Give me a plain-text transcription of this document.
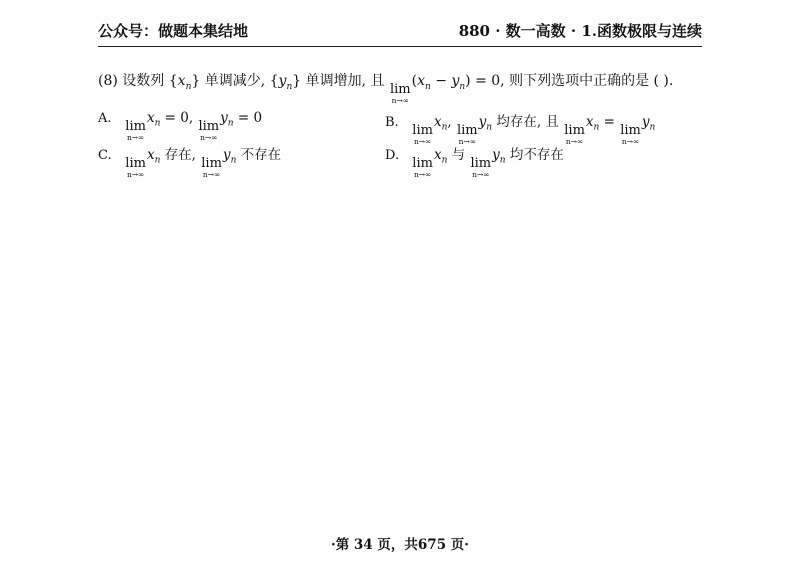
公众号：做题本集结地	880 · 数一高数 · 1.函数极限与连续
(8) 设数列 $\{x_n\}$ 单调减少, $\{y_n\}$ 单调增加, 且
lim
n→∞
$(x_n - y_n) = 0$, 则下列选项中正确的是 ( ).
A.
lim
n→∞
$x_n = 0$,
lim
n→∞
$y_n = 0$	B.
lim
n→∞
$x_n$,
lim
n→∞
$y_n$ 均存在, 且
lim
n→∞
$x_n$ =
lim
n→∞
$y_n$
C.
lim
n→∞
$x_n$ 存在,
lim
n→∞
$y_n$ 不存在	D.
lim
n→∞
$x_n$ 与
lim
n→∞
$y_n$ 均不存在
·第 34 页，共675 页·
